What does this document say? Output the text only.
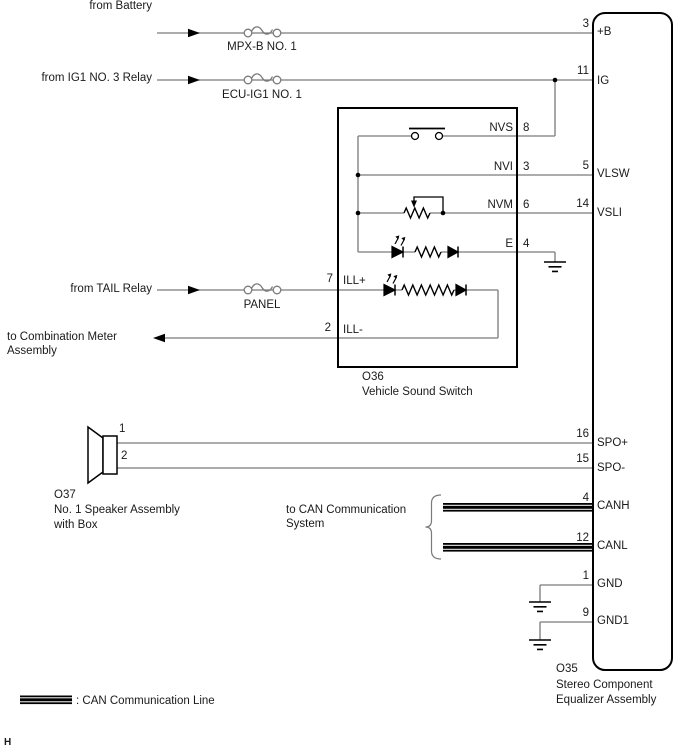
from Battery
from IG1 NO. 3 Relay
from TAIL Relay
to Combination Meter
Assembly
to CAN Communication
System
MPX-B NO. 1
ECU-IG1 NO. 1
PANEL
NVS 8
NVI 3
NVM 6
E 4
ILL+
7
ILL-
2
O36
Vehicle Sound Switch
1
2
O37
No. 1 Speaker Assembly
with Box
3
11
5
14
16
15
4
12
1
9
+B
IG
VLSW
VSLI
SPO+
SPO-
CANH
CANL
GND
GND1
O35
Stereo Component
Equalizer Assembly
: CAN Communication Line
H
